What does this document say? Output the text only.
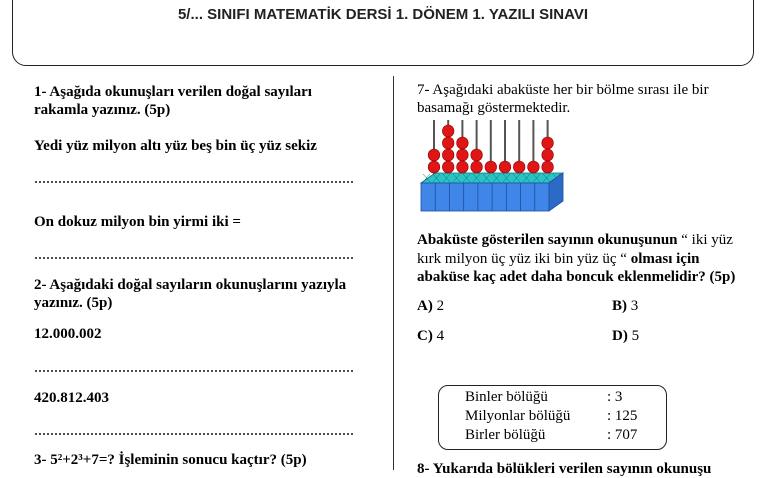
5/... SINIFI MATEMATİK DERSİ 1. DÖNEM 1. YAZILI SINAVI
1- Aşağıda okunuşları verilen doğal sayıları
rakamla yazınız. (5p)
Yedi yüz milyon altı yüz beş bin üç yüz sekiz
On dokuz milyon bin yirmi iki =
2- Aşağıdaki doğal sayıların okunuşlarını yazıyla
yazınız. (5p)
12.000.002
420.812.403
3- 5²+2³+7=? İşleminin sonucu kaçtır? (5p)
7- Aşağıdaki abaküste her bir bölme sırası ile bir
basamağı göstermektedir.
Abaküste gösterilen sayının okunuşunun “ iki yüz
kırk milyon üç yüz iki bin yüz üç “ olması için
abaküse kaç adet daha boncuk eklenmelidir? (5p)
A) 2	B) 3
C) 4	D) 5
Binler bölüğü	: 3
Milyonlar bölüğü : 125
Birler bölüğü	: 707
8- Yukarıda bölükleri verilen sayının okunuşu
